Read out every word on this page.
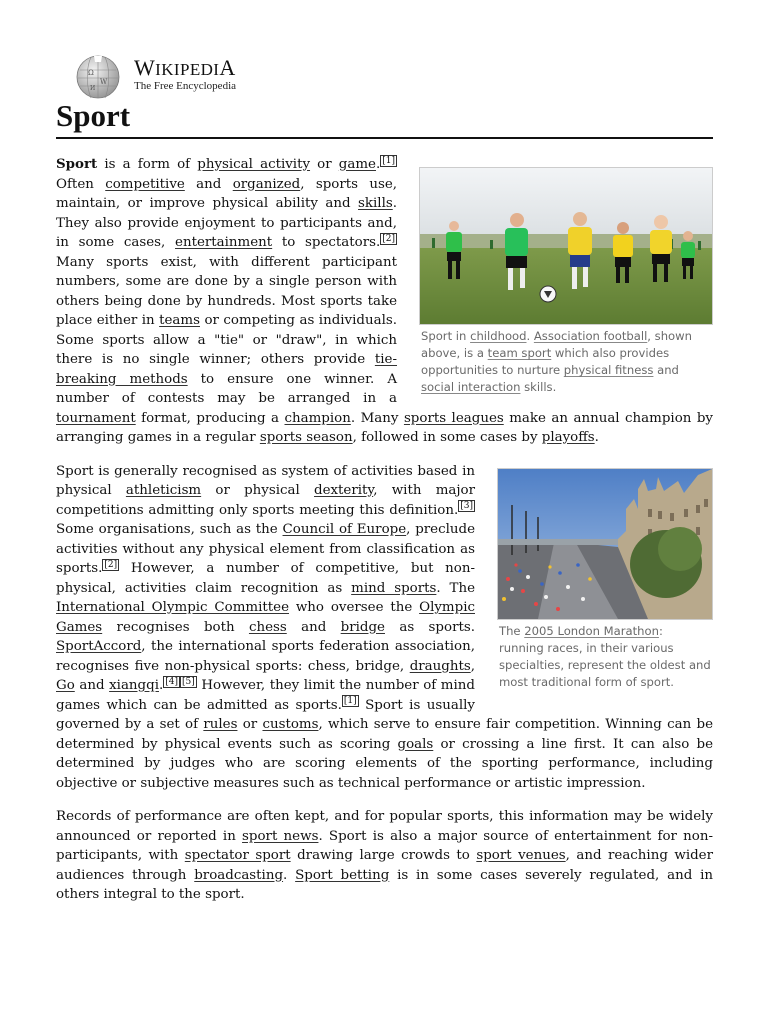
Ω
W
И
WIKIPEDIA
The Free Encyclopedia
Sport
Sport in childhood. Association football, shown above, is a team sport which also provides opportunities to nurture physical fitness and social interaction skills.

Sport is a form of physical activity or game. [1] Often competitive and organized, sports use, maintain, or improve physical ability and skills. They also provide enjoyment to participants and, in some cases, entertainment to spectators. [2] Many sports exist, with different participant numbers, some are done by a single person with others being done by hundreds. Most sports take place either in teams or competing as individuals. Some sports allow a "tie" or "draw", in which there is no single winner; others provide tie-breaking methods to ensure one winner. A number of contests may be arranged in a tournament format, producing a champion. Many sports leagues make an annual champion by arranging games in a regular sports season, followed in some cases by playoffs.

The 2005 London Marathon: running races, in their various specialties, represent the oldest and most traditional form of sport.

Sport is generally recognised as system of activities based in physical athleticism or physical dexterity, with major competitions admitting only sports meeting this definition. [3] Some organisations, such as the Council of Europe, preclude activities without any physical element from classification as sports. [2] However, a number of competitive, but non-physical, activities claim recognition as mind sports. The International Olympic Committee who oversee the Olympic Games recognises both chess and bridge as sports. SportAccord, the international sports federation association, recognises five non-physical sports: chess, bridge, draughts, Go and xiangqi. [4] [5] However, they limit the number of mind games which can be admitted as sports. [1] Sport is usually governed by a set of rules or customs, which serve to ensure fair competition. Winning can be determined by physical events such as scoring goals or crossing a line first. It can also be determined by judges who are scoring elements of the sporting performance, including objective or subjective measures such as technical performance or artistic impression.

Records of performance are often kept, and for popular sports, this information may be widely announced or reported in sport news. Sport is also a major source of entertainment for non-participants, with spectator sport drawing large crowds to sport venues, and reaching wider audiences through broadcasting. Sport betting is in some cases severely regulated, and in others integral to the sport.
